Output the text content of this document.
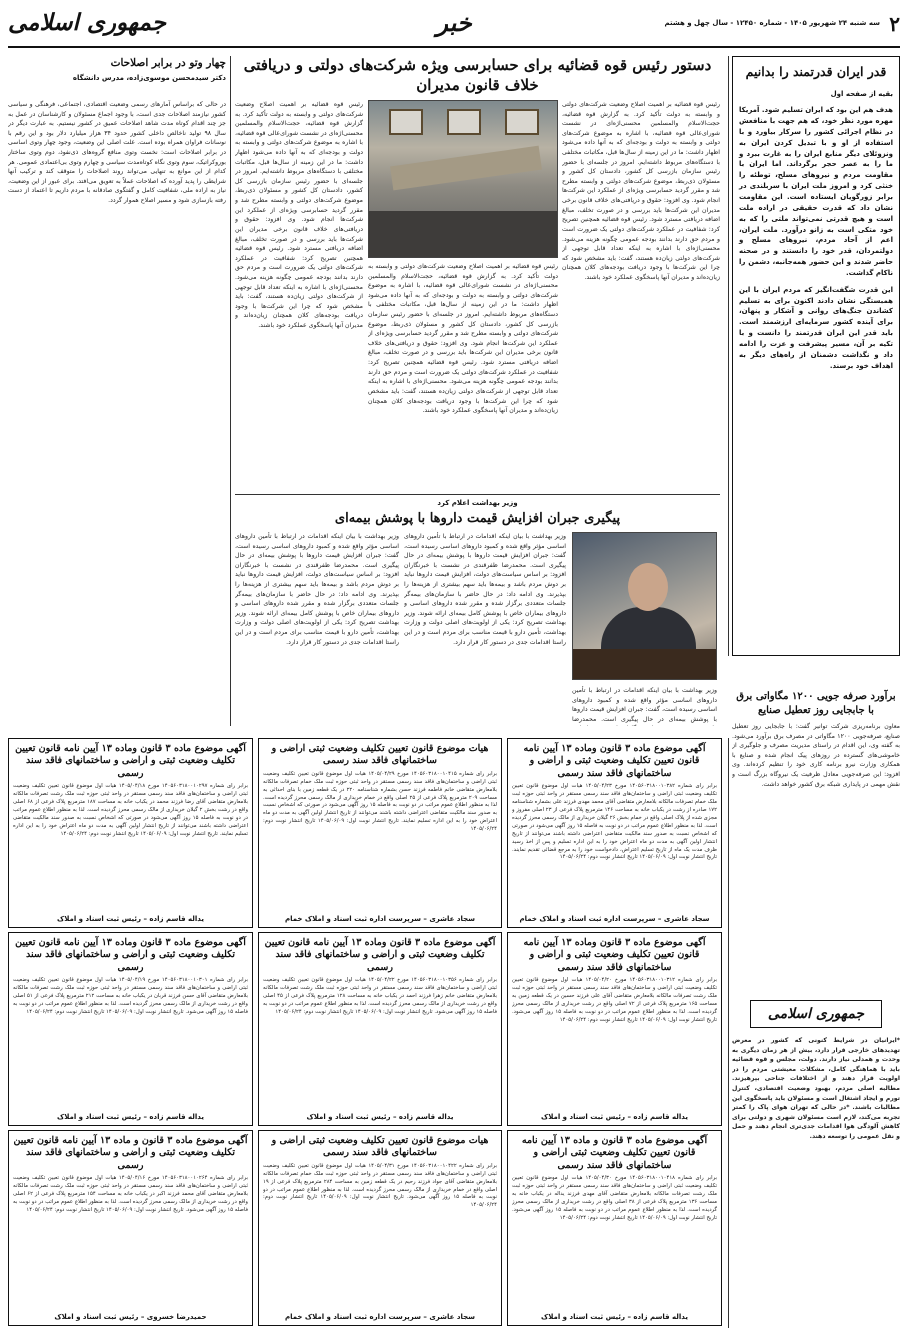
۲
سه شنبه ۲۴ شهریور ۱۴۰۵ - شماره ۱۲۴۵۰ - سال چهل و هشتم
خبر
جمهوری اسلامی
قدر ایران قدرتمند را بدانیم
بقیه از صفحه اول
هدف هم این بود که ایران تسلیم شود. آمریکا مهره مورد نظر خود، که هم جهت با منافعش در نظام اجرائی کشور را سرکار بیاورد و با استفاده از او و با تبدیل کردن ایران به ونزوئلای دیگر منابع ایران را به غارت ببرد و ما را به عصر حجر برگرداند. اما ایران با مقاومت مردم و نیروهای مسلح، توطئه را خنثی کرد و امروز ملت ایران با سربلندی در برابر زورگویان ایستاده است. این مقاومت نشان داد که قدرت حقیقی در اراده ملت است و هیچ قدرتی نمی‌تواند ملتی را که به خود متکی است به زانو درآورد. ملت ایران، اعم از آحاد مردم، نیروهای مسلح و دولتمردان، قدر خود را دانستند و در صحنه حاضر شدند و این حضور همه‌جانبه، دشمن را ناکام گذاشت.
این قدرت شگفت‌انگیز که مردم ایران با این همبستگی نشان دادند اکنون برای به تسلیم کشاندن جنگ‌های روانی و آشکار و پنهان، برای آینده کشور سرمایه‌ای ارزشمند است. باید قدر این ایران قدرتمند را دانست و با تکیه بر آن، مسیر پیشرفت و عزت را ادامه داد و نگذاشت دشمنان از راه‌های دیگر به اهداف خود برسند.
دستور رئیس قوه قضائیه برای حسابرسی ویژه شرکت‌های دولتی و دریافتی خلاف قانون مدیران
رئیس قوه قضائیه بر اهمیت اصلاح وضعیت شرکت‌های دولتی و وابسته به دولت تأکید کرد. به گزارش قوه قضائیه، حجت‌الاسلام والمسلمین محسنی‌اژه‌ای در نشست شورای‌عالی قوه قضائیه، با اشاره به موضوع شرکت‌های دولتی و وابسته به دولت و بودجه‌ای که به آنها داده می‌شود اظهار داشت: ما در این زمینه از سال‌ها قبل، مکاتبات مختلفی با دستگاه‌های مربوط داشته‌ایم. امروز در جلسه‌ای با حضور رئیس سازمان بازرسی کل کشور، دادستان کل کشور و مسئولان ذی‌ربط، موضوع شرکت‌های دولتی و وابسته مطرح شد و مقرر گردید حسابرسی ویژه‌ای از عملکرد این شرکت‌ها انجام شود. وی افزود: حقوق و دریافتی‌های خلاف قانون برخی مدیران این شرکت‌ها باید بررسی و در صورت تخلف، مبالغ اضافه دریافتی مسترد شود. رئیس قوه قضائیه همچنین تصریح کرد: شفافیت در عملکرد شرکت‌های دولتی یک ضرورت است و مردم حق دارند بدانند بودجه عمومی چگونه هزینه می‌شود. محسنی‌اژه‌ای با اشاره به اینکه تعداد قابل توجهی از شرکت‌های دولتی زیان‌ده هستند، گفت: باید مشخص شود که چرا این شرکت‌ها با وجود دریافت بودجه‌های کلان همچنان زیان‌ده‌اند و مدیران آنها پاسخگوی عملکرد خود باشند.
رئیس قوه قضائیه بر اهمیت اصلاح وضعیت شرکت‌های دولتی و وابسته به دولت تأکید کرد. به گزارش قوه قضائیه، حجت‌الاسلام والمسلمین محسنی‌اژه‌ای در نشست شورای‌عالی قوه قضائیه، با اشاره به موضوع شرکت‌های دولتی و وابسته به دولت و بودجه‌ای که به آنها داده می‌شود اظهار داشت: ما در این زمینه از سال‌ها قبل، مکاتبات مختلفی با دستگاه‌های مربوط داشته‌ایم. امروز در جلسه‌ای با حضور رئیس سازمان بازرسی کل کشور، دادستان کل کشور و مسئولان ذی‌ربط، موضوع شرکت‌های دولتی و وابسته مطرح شد و مقرر گردید حسابرسی ویژه‌ای از عملکرد این شرکت‌ها انجام شود. وی افزود: حقوق و دریافتی‌های خلاف قانون برخی مدیران این شرکت‌ها باید بررسی و در صورت تخلف، مبالغ اضافه دریافتی مسترد شود. رئیس قوه قضائیه همچنین تصریح کرد: شفافیت در عملکرد شرکت‌های دولتی یک ضرورت است و مردم حق دارند بدانند بودجه عمومی چگونه هزینه می‌شود. محسنی‌اژه‌ای با اشاره به اینکه تعداد قابل توجهی از شرکت‌های دولتی زیان‌ده هستند، گفت: باید مشخص شود که چرا این شرکت‌ها با وجود دریافت بودجه‌های کلان همچنان زیان‌ده‌اند و مدیران آنها پاسخگوی عملکرد خود باشند.
رئیس قوه قضائیه بر اهمیت اصلاح وضعیت شرکت‌های دولتی و وابسته به دولت تأکید کرد. به گزارش قوه قضائیه، حجت‌الاسلام والمسلمین محسنی‌اژه‌ای در نشست شورای‌عالی قوه قضائیه، با اشاره به موضوع شرکت‌های دولتی و وابسته به دولت و بودجه‌ای که به آنها داده می‌شود اظهار داشت: ما در این زمینه از سال‌ها قبل، مکاتبات مختلفی با دستگاه‌های مربوط داشته‌ایم. امروز در جلسه‌ای با حضور رئیس سازمان بازرسی کل کشور، دادستان کل کشور و مسئولان ذی‌ربط، موضوع شرکت‌های دولتی و وابسته مطرح شد و مقرر گردید حسابرسی ویژه‌ای از عملکرد این شرکت‌ها انجام شود. وی افزود: حقوق و دریافتی‌های خلاف قانون برخی مدیران این شرکت‌ها باید بررسی و در صورت تخلف، مبالغ اضافه دریافتی مسترد شود. رئیس قوه قضائیه همچنین تصریح کرد: شفافیت در عملکرد شرکت‌های دولتی یک ضرورت است و مردم حق دارند بدانند بودجه عمومی چگونه هزینه می‌شود. محسنی‌اژه‌ای با اشاره به اینکه تعداد قابل توجهی از شرکت‌های دولتی زیان‌ده هستند، گفت: باید مشخص شود که چرا این شرکت‌ها با وجود دریافت بودجه‌های کلان همچنان زیان‌ده‌اند و مدیران آنها پاسخگوی عملکرد خود باشند.
چهار وتو در برابر اصلاحات
دکتر سیدمحسن موسوی‌زاده، مدرس دانشگاه
در حالی که براساس آمارهای رسمی وضعیت اقتصادی، اجتماعی، فرهنگی و سیاسی کشور نیازمند اصلاحات جدی است، با وجود اجماع مسئولان و کارشناسان در عمل به جز چند اقدام کوتاه مدت شاهد اصلاحات عمیق در کشور نیستیم. به عبارت دیگر در سال ۹۸ تولید ناخالص داخلی کشور حدود ۳۴ هزار میلیارد دلار بود و این رقم با نوسانات فراوان همراه بوده است. علت اصلی این وضعیت، وجود چهار وتوی اساسی در برابر اصلاحات است: نخست وتوی منافع گروه‌های ذی‌نفوذ، دوم وتوی ساختار بوروکراتیک، سوم وتوی نگاه کوتاه‌مدت سیاسی و چهارم وتوی بی‌اعتمادی عمومی. هر کدام از این موانع به تنهایی می‌تواند روند اصلاحات را متوقف کند و ترکیب آنها شرایطی را پدید آورده که اصلاحات عملاً به تعویق می‌افتد. برای عبور از این وضعیت، نیاز به اراده ملی، شفافیت کامل و گفتگوی صادقانه با مردم داریم تا اعتماد از دست رفته بازسازی شود و مسیر اصلاح هموار گردد.
وزیر بهداشت اعلام کرد
پیگیری جبران افزایش قیمت داروها با پوشش بیمه‌ای
وزیر بهداشت با بیان اینکه اقدامات در ارتباط با تأمین داروهای اساسی مؤثر واقع شده و کمبود داروهای اساسی رسیده است، گفت: جبران افزایش قیمت داروها با پوشش بیمه‌ای در حال پیگیری است. محمدرضا
وزیر بهداشت با بیان اینکه اقدامات در ارتباط با تأمین داروهای اساسی مؤثر واقع شده و کمبود داروهای اساسی رسیده است، گفت: جبران افزایش قیمت داروها با پوشش بیمه‌ای در حال پیگیری است. محمدرضا ظفرقندی در نشست با خبرنگاران افزود: بر اساس سیاست‌های دولت، افزایش قیمت داروها نباید بر دوش مردم باشد و بیمه‌ها باید سهم بیشتری از هزینه‌ها را بپذیرند. وی ادامه داد: در حال حاضر با سازمان‌های بیمه‌گر جلسات متعددی برگزار شده و مقرر شده داروهای اساسی و داروهای بیماران خاص با پوشش کامل بیمه‌ای ارائه شوند. وزیر بهداشت تصریح کرد: یکی از اولویت‌های اصلی دولت و وزارت بهداشت، تأمین دارو با قیمت مناسب برای مردم است و در این راستا اقدامات جدی در دستور کار قرار دارد.
وزیر بهداشت با بیان اینکه اقدامات در ارتباط با تأمین داروهای اساسی مؤثر واقع شده و کمبود داروهای اساسی رسیده است، گفت: جبران افزایش قیمت داروها با پوشش بیمه‌ای در حال پیگیری است. محمدرضا ظفرقندی در نشست با خبرنگاران افزود: بر اساس سیاست‌های دولت، افزایش قیمت داروها نباید بر دوش مردم باشد و بیمه‌ها باید سهم بیشتری از هزینه‌ها را بپذیرند. وی ادامه داد: در حال حاضر با سازمان‌های بیمه‌گر جلسات متعددی برگزار شده و مقرر شده داروهای اساسی و داروهای بیماران خاص با پوشش کامل بیمه‌ای ارائه شوند. وزیر بهداشت تصریح کرد: یکی از اولویت‌های اصلی دولت و وزارت بهداشت، تأمین دارو با قیمت مناسب برای مردم است و در این راستا اقدامات جدی در دستور کار قرار دارد.
برآورد صرفه جویی ۱۲۰۰ مگاواتی برق با جابجایی روز تعطیل صنایع
معاون برنامه‌ریزی شرکت توانیر گفت: با جابجایی روز تعطیل صنایع، صرفه‌جویی ۱۲۰۰ مگاواتی در مصرف برق برآورد می‌شود. به گفته وی، این اقدام در راستای مدیریت مصرف و جلوگیری از خاموشی‌های گسترده در روزهای پیک انجام شده و صنایع با همکاری وزارت نیرو برنامه کاری خود را تنظیم کرده‌اند. وی افزود: این صرفه‌جویی معادل ظرفیت یک نیروگاه بزرگ است و نقش مهمی در پایداری شبکه برق کشور خواهد داشت.
جمهوری اسلامی
*ایرانیان در شرایط کنونی که کشور در معرض تهدیدهای خارجی قرار دارد، بیش از هر زمان دیگری به وحدت و همدلی نیاز دارند. دولت، مجلس و قوه قضائیه باید با هماهنگی کامل، مشکلات معیشتی مردم را در اولویت قرار دهند و از اختلافات جناحی بپرهیزند. مطالبه اصلی مردم، بهبود وضعیت اقتصادی، کنترل تورم و ایجاد اشتغال است و مسئولان باید پاسخگوی این مطالبات باشند. *در حالی که تهران هوای پاک را کمتر تجربه می‌کند، لازم است مسئولان شهری و دولتی برای کاهش آلودگی هوا اقدامات جدی‌تری انجام دهند و حمل و نقل عمومی را توسعه دهند.
آگهی موضوع ماده ۳ قانون وماده ۱۳ آیین نامه قانون تعیین تکلیف وضعیت ثبتی و اراضی و ساختمانهای فاقد سند رسمی
برابر رای شماره ۱۴۰۵۶۰۳۱۸۰۰۱۰۳۸۲ مورخ ۱۴۰۵/۰۴/۲۳ هیات اول موضوع قانون تعیین تکلیف وضعیت ثبتی اراضی و ساختمان‌های فاقد سند رسمی مستقر در واحد ثبتی حوزه ثبت ملک خمام تصرفات مالکانه بلامعارض متقاضی آقای محمد مهدی فرزند علی بشماره شناسنامه ۱۷۲ صادره از رشت در یکباب خانه به مساحت ۱۴۶ مترمربع پلاک فرعی از ۲۳ اصلی مفروز و مجزی شده از پلاک اصلی واقع در خمام بخش ۲۶ گیلان خریداری از مالک رسمی محرز گردیده است. لذا به منظور اطلاع عموم مراتب در دو نوبت به فاصله ۱۵ روز آگهی می‌شود در صورتی که اشخاص نسبت به صدور سند مالکیت متقاضی اعتراضی داشته باشند می‌توانند از تاریخ انتشار اولین آگهی به مدت دو ماه اعتراض خود را به این اداره تسلیم و پس از اخذ رسید ظرف مدت یک ماه از تاریخ تسلیم اعتراض، دادخواست خود را به مرجع قضائی تقدیم نمایند. تاریخ انتشار نوبت اول: ۱۴۰۵/۰۶/۰۹ تاریخ انتشار نوبت دوم: ۱۴۰۵/۰۶/۲۴
سجاد عاشری – سرپرست اداره ثبت اسناد و املاک خمام
هیات موضوع قانون تعیین تکلیف وضعیت ثبتی اراضی و ساختمانهای فاقد سند رسمی
برابر رای شماره ۱۴۰۵۶۰۳۱۸۰۰۱۰۴۱۵ مورخ ۱۴۰۵/۰۴/۲۹ هیات اول موضوع قانون تعیین تکلیف وضعیت ثبتی اراضی و ساختمان‌های فاقد سند رسمی مستقر در واحد ثبتی حوزه ثبت ملک خمام تصرفات مالکانه بلامعارض متقاضی خانم فاطمه فرزند حسن بشماره شناسنامه ۲۲۰ در یک قطعه زمین با بنای احداثی به مساحت ۲۰۹ مترمربع پلاک فرعی از ۲۵ اصلی واقع در خمام خریداری از مالک رسمی محرز گردیده است. لذا به منظور اطلاع عموم مراتب در دو نوبت به فاصله ۱۵ روز آگهی می‌شود در صورتی که اشخاص نسبت به صدور سند مالکیت متقاضی اعتراضی داشته باشند می‌توانند از تاریخ انتشار اولین آگهی به مدت دو ماه اعتراض خود را به این اداره تسلیم نمایند. تاریخ انتشار نوبت اول: ۱۴۰۵/۰۶/۰۹ تاریخ انتشار نوبت دوم: ۱۴۰۵/۰۶/۲۴
سجاد عاشری – سرپرست اداره ثبت اسناد و املاک خمام
آگهی موضوع ماده ۳ قانون وماده ۱۳ آیین نامه قانون تعیین تکلیف وضعیت ثبتی و اراضی و ساختمانهای فاقد سند رسمی
برابر رای شماره ۱۴۰۵۶۰۳۱۸۰۰۱۰۲۹۷ مورخ ۱۴۰۵/۰۴/۱۸ هیات اول موضوع قانون تعیین تکلیف وضعیت ثبتی اراضی و ساختمان‌های فاقد سند رسمی مستقر در واحد ثبتی حوزه ثبت ملک رشت تصرفات مالکانه بلامعارض متقاضی آقای رضا فرزند محمد در یکباب خانه به مساحت ۱۸۷ مترمربع پلاک فرعی از ۶۸ اصلی واقع در رشت بخش ۲ گیلان خریداری از مالک رسمی محرز گردیده است. لذا به منظور اطلاع عموم مراتب در دو نوبت به فاصله ۱۵ روز آگهی می‌شود در صورتی که اشخاص نسبت به صدور سند مالکیت متقاضی اعتراضی داشته باشند می‌توانند از تاریخ انتشار اولین آگهی به مدت دو ماه اعتراض خود را به این اداره تسلیم نمایند. تاریخ انتشار نوبت اول: ۱۴۰۵/۰۶/۰۹ تاریخ انتشار نوبت دوم: ۱۴۰۵/۰۶/۲۴
یداله قاسم زاده – رئیس ثبت اسناد و املاک
آگهی موضوع ماده ۳ قانون وماده ۱۳ آیین نامه قانون تعیین تکلیف وضعیت ثبتی و اراضی و ساختمانهای فاقد سند رسمی
برابر رای شماره ۱۴۰۵۶۰۳۱۸۰۰۱۰۳۱۲ مورخ ۱۴۰۵/۰۴/۲۰ هیات اول موضوع قانون تعیین تکلیف وضعیت ثبتی اراضی و ساختمان‌های فاقد سند رسمی مستقر در واحد ثبتی حوزه ثبت ملک رشت تصرفات مالکانه بلامعارض متقاضی آقای علی فرزند حسین در یک قطعه زمین به مساحت ۱۶۵ مترمربع پلاک فرعی از ۷۲ اصلی واقع در رشت خریداری از مالک رسمی محرز گردیده است. لذا به منظور اطلاع عموم مراتب در دو نوبت به فاصله ۱۵ روز آگهی می‌شود. تاریخ انتشار نوبت اول: ۱۴۰۵/۰۶/۰۹ تاریخ انتشار نوبت دوم: ۱۴۰۵/۰۶/۲۴
یداله قاسم زاده – رئیس ثبت اسناد و املاک
آگهی موضوع ماده ۳ قانون وماده ۱۳ آیین نامه قانون تعیین تکلیف وضعیت ثبتی و اراضی و ساختمانهای فاقد سند رسمی
برابر رای شماره ۱۴۰۵۶۰۳۱۸۰۰۱۰۳۵۶ مورخ ۱۴۰۵/۰۴/۲۲ هیات اول موضوع قانون تعیین تکلیف وضعیت ثبتی اراضی و ساختمان‌های فاقد سند رسمی مستقر در واحد ثبتی حوزه ثبت ملک رشت تصرفات مالکانه بلامعارض متقاضی خانم زهرا فرزند احمد در یکباب خانه به مساحت ۱۲۸ مترمربع پلاک فرعی از ۴۵ اصلی واقع در رشت خریداری از مالک رسمی محرز گردیده است. لذا به منظور اطلاع عموم مراتب در دو نوبت به فاصله ۱۵ روز آگهی می‌شود. تاریخ انتشار نوبت اول: ۱۴۰۵/۰۶/۰۹ تاریخ انتشار نوبت دوم: ۱۴۰۵/۰۶/۲۴
یداله قاسم زاده – رئیس ثبت اسناد و املاک
آگهی موضوع ماده ۳ قانون وماده ۱۳ آیین نامه قانون تعیین تکلیف وضعیت ثبتی و اراضی و ساختمانهای فاقد سند رسمی
برابر رای شماره ۱۴۰۵۶۰۳۱۸۰۰۱۰۳۰۱ مورخ ۱۴۰۵/۰۴/۱۹ هیات اول موضوع قانون تعیین تکلیف وضعیت ثبتی اراضی و ساختمان‌های فاقد سند رسمی مستقر در واحد ثبتی حوزه ثبت ملک رشت تصرفات مالکانه بلامعارض متقاضی آقای حسن فرزند قربان در یکباب خانه به مساحت ۲۱۲ مترمربع پلاک فرعی از ۵۱ اصلی واقع در رشت خریداری از مالک رسمی محرز گردیده است. لذا به منظور اطلاع عموم مراتب در دو نوبت به فاصله ۱۵ روز آگهی می‌شود. تاریخ انتشار نوبت اول: ۱۴۰۵/۰۶/۰۹ تاریخ انتشار نوبت دوم: ۱۴۰۵/۰۶/۲۴
یداله قاسم زاده – رئیس ثبت اسناد و املاک
آگهی موضوع ماده ۳ قانون و ماده ۱۳ آیین نامه قانون تعیین تکلیف وضعیت ثبتی اراضی و ساختمانهای فاقد سند رسمی
برابر رای شماره ۱۴۰۵۶۰۳۱۸۰۰۱۰۴۱۸ مورخ ۱۴۰۵/۰۴/۳۰ هیات اول موضوع قانون تعیین تکلیف وضعیت ثبتی اراضی و ساختمان‌های فاقد سند رسمی مستقر در واحد ثبتی حوزه ثبت ملک رشت تصرفات مالکانه بلامعارض متقاضی آقای مهدی فرزند یداله در یکباب خانه به مساحت ۱۳۶ مترمربع پلاک فرعی از ۳۸ اصلی واقع در رشت خریداری از مالک رسمی محرز گردیده است. لذا به منظور اطلاع عموم مراتب در دو نوبت به فاصله ۱۵ روز آگهی می‌شود. تاریخ انتشار نوبت اول: ۱۴۰۵/۰۶/۰۹ تاریخ انتشار نوبت دوم: ۱۴۰۵/۰۶/۲۴
یداله قاسم زاده – رئیس ثبت اسناد و املاک
هیات موضوع قانون تعیین تکلیف وضعیت ثبتی اراضی و ساختمانهای فاقد سند رسمی
برابر رای شماره ۱۴۰۵۶۰۳۱۸۰۰۱۰۴۲۲ مورخ ۱۴۰۵/۰۴/۳۱ هیات اول موضوع قانون تعیین تکلیف وضعیت ثبتی اراضی و ساختمان‌های فاقد سند رسمی مستقر در واحد ثبتی حوزه ثبت ملک خمام تصرفات مالکانه بلامعارض متقاضی آقای جواد فرزند رحیم در یک قطعه زمین به مساحت ۲۸۴ مترمربع پلاک فرعی از ۱۹ اصلی واقع در خمام خریداری از مالک رسمی محرز گردیده است. لذا به منظور اطلاع عموم مراتب در دو نوبت به فاصله ۱۵ روز آگهی می‌شود. تاریخ انتشار نوبت اول: ۱۴۰۵/۰۶/۰۹ تاریخ انتشار نوبت دوم: ۱۴۰۵/۰۶/۲۴
سجاد عاشری – سرپرست اداره ثبت اسناد و املاک خمام
آگهی موضوع ماده ۳ قانون و ماده ۱۳ آیین نامه قانون تعیین تکلیف وضعیت ثبتی و اراضی و ساختمانهای فاقد سند رسمی
برابر رای شماره ۱۴۰۵۶۰۳۱۸۰۰۱۰۲۶۴ مورخ ۱۴۰۵/۰۴/۱۶ هیات اول موضوع قانون تعیین تکلیف وضعیت ثبتی اراضی و ساختمان‌های فاقد سند رسمی مستقر در واحد ثبتی حوزه ثبت ملک رشت تصرفات مالکانه بلامعارض متقاضی آقای محمد فرزند اکبر در یکباب خانه به مساحت ۱۵۴ مترمربع پلاک فرعی از ۶۲ اصلی واقع در رشت خریداری از مالک رسمی محرز گردیده است. لذا به منظور اطلاع عموم مراتب در دو نوبت به فاصله ۱۵ روز آگهی می‌شود. تاریخ انتشار نوبت اول: ۱۴۰۵/۰۶/۰۹ تاریخ انتشار نوبت دوم: ۱۴۰۵/۰۶/۲۴
حمیدرضا خسروی – رئیس ثبت اسناد و املاک
